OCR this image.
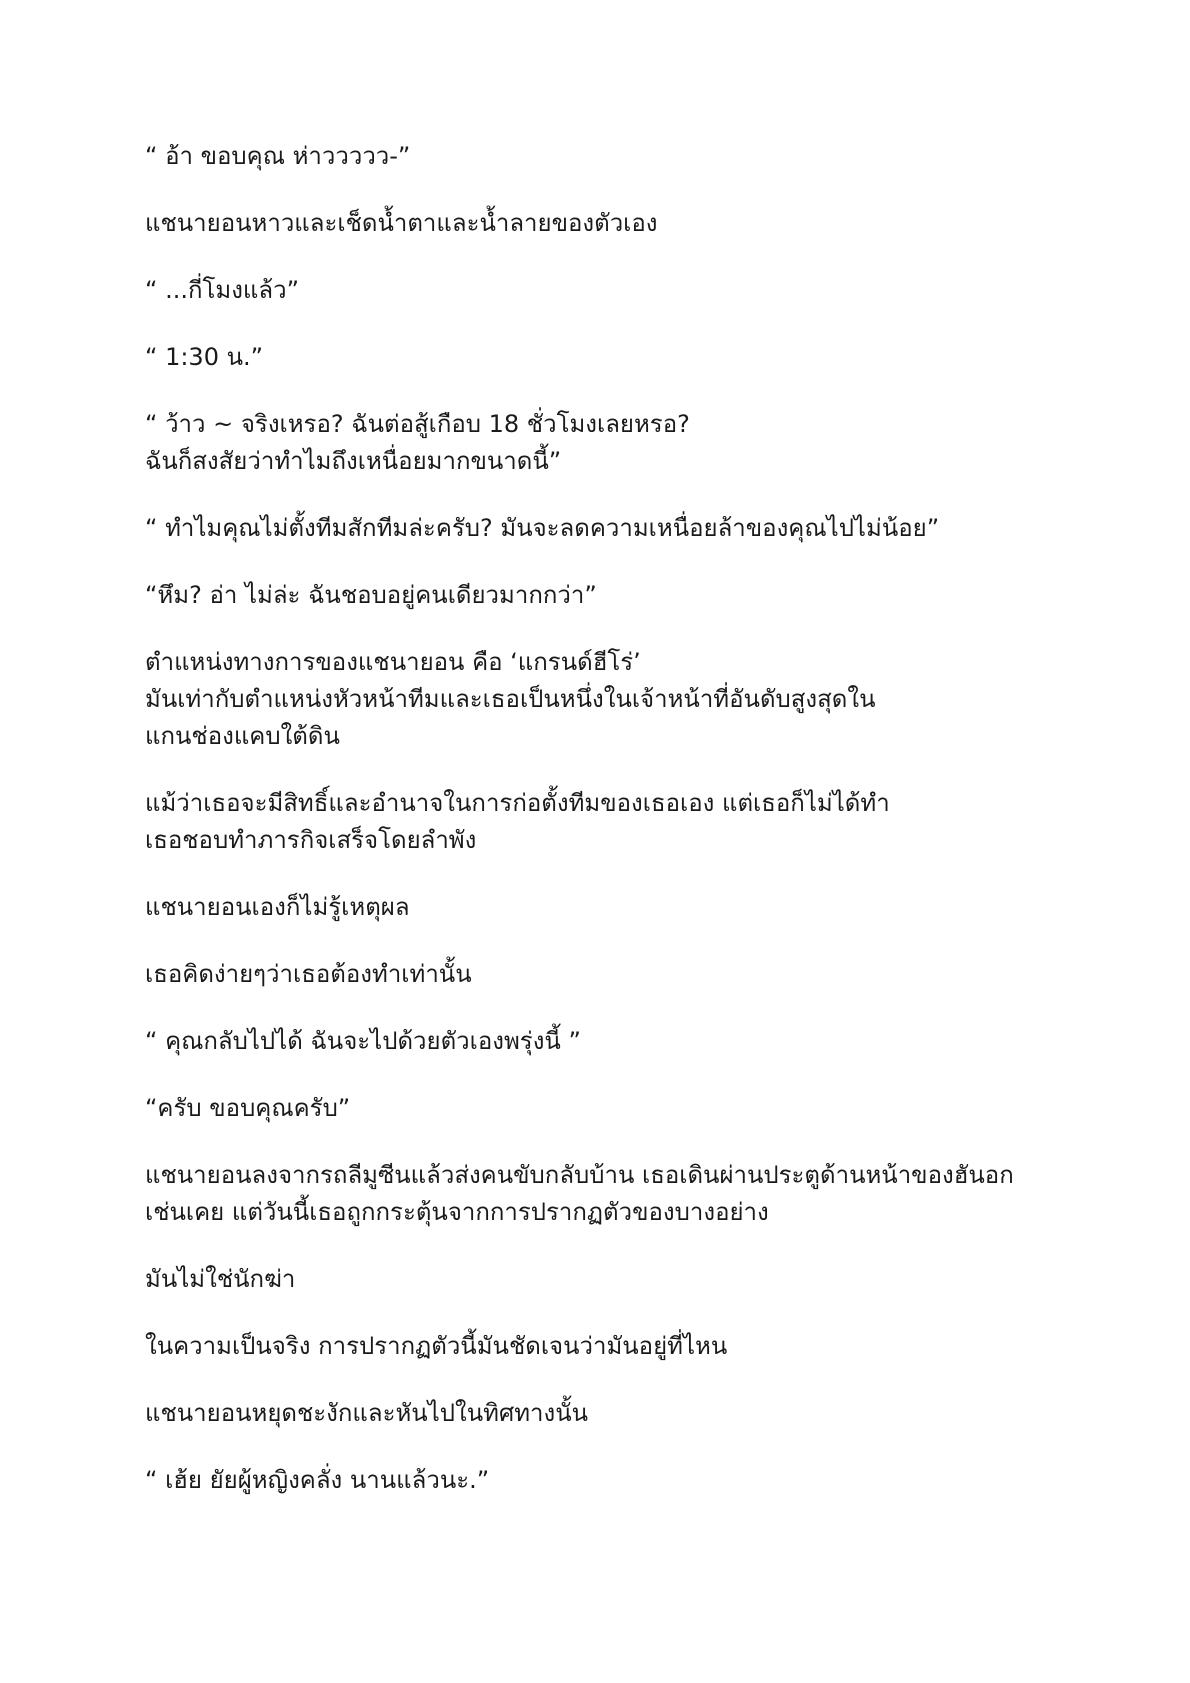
“ อ้า ขอบคุณ ห่าววววว-”

แชนายอนหาวและเช็ดน้ำตาและน้ำลายของตัวเอง

“ ...กี่โมงแล้ว”

“ 1:30 น.”

“ ว้าว ~ จริงเหรอ? ฉันต่อสู้เกือบ 18 ชั่วโมงเลยหรอ?
ฉันก็สงสัยว่าทำไมถึงเหนื่อยมากขนาดนี้”

“ ทำไมคุณไม่ตั้งทีมสักทีมล่ะครับ? มันจะลดความเหนื่อยล้าของคุณไปไม่น้อย”

“หึม? อ่า ไม่ล่ะ ฉันชอบอยู่คนเดียวมากกว่า”

ตำแหน่งทางการของแชนายอน คือ ‘แกรนด์ฮีโร่’
มันเท่ากับตำแหน่งหัวหน้าทีมและเธอเป็นหนึ่งในเจ้าหน้าที่อันดับสูงสุดใน
แกนช่องแคบใต้ดิน

แม้ว่าเธอจะมีสิทธิ์และอำนาจในการก่อตั้งทีมของเธอเอง แต่เธอก็ไม่ได้ทำ
เธอชอบทำภารกิจเสร็จโดยลำพัง

แชนายอนเองก็ไม่รู้เหตุผล

เธอคิดง่ายๆว่าเธอต้องทำเท่านั้น

“ คุณกลับไปได้ ฉันจะไปด้วยตัวเองพรุ่งนี้ ”

“ครับ ขอบคุณครับ”

แชนายอนลงจากรถลีมูซีนแล้วส่งคนขับกลับบ้าน เธอเดินผ่านประตูด้านหน้าของฮันอก
เช่นเคย แต่วันนี้เธอถูกกระตุ้นจากการปรากฏตัวของบางอย่าง

มันไม่ใช่นักฆ่า

ในความเป็นจริง การปรากฏตัวนี้มันชัดเจนว่ามันอยู่ที่ไหน

แชนายอนหยุดชะงักและหันไปในทิศทางนั้น

“ เฮ้ย ยัยผู้หญิงคลั่ง นานแล้วนะ.”
